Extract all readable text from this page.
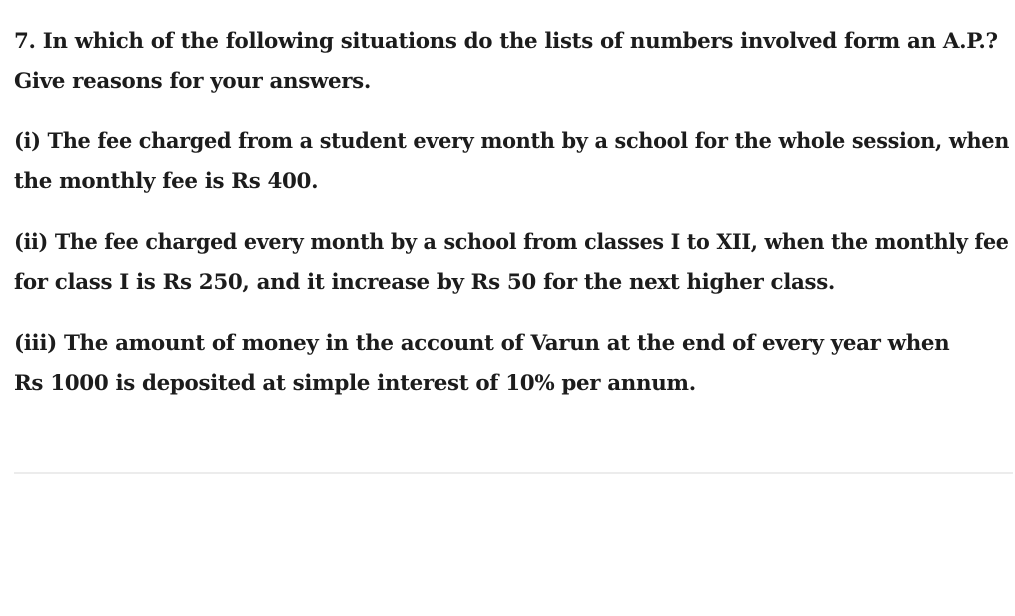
7. In which of the following situations do the lists of numbers involved form an A.P.?
Give reasons for your answers.

(i) The fee charged from a student every month by a school for the whole session, when
the monthly fee is Rs 400.

(ii) The fee charged every month by a school from classes I to XII, when the monthly fee
for class I is Rs 250, and it increase by Rs 50 for the next higher class.

(iii) The amount of money in the account of Varun at the end of every year when
Rs 1000 is deposited at simple interest of 10% per annum.
